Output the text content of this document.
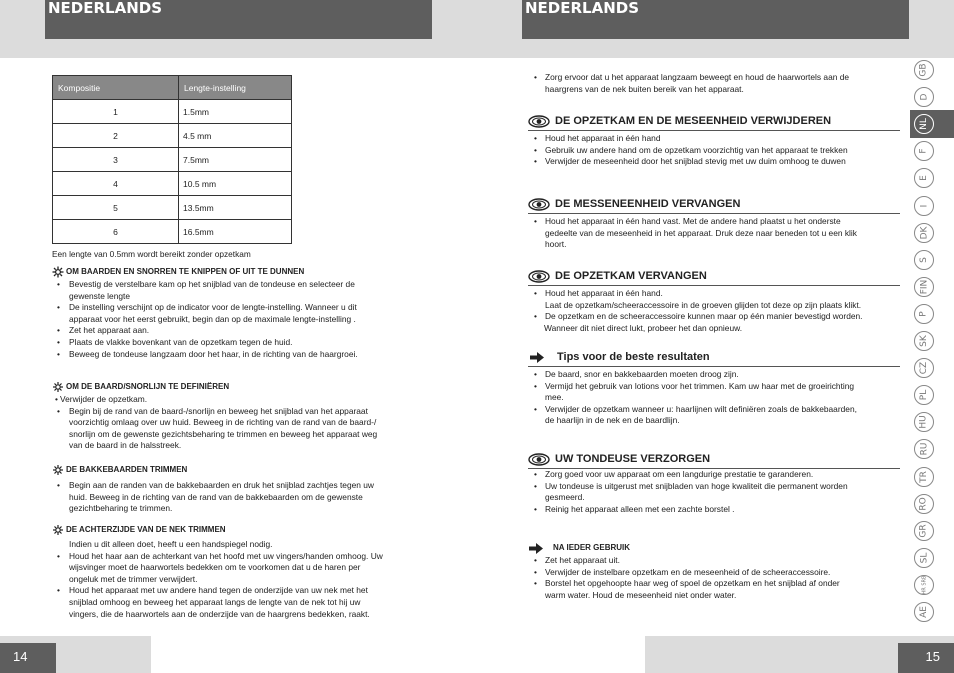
NEDERLANDS	NEDERLANDS
Kompositie	Lengte-instelling
1	1.5mm
2	4.5 mm
3	7.5mm
4	10.5 mm
5	13.5mm
6	16.5mm
Een lengte van 0.5mm wordt bereikt zonder opzetkam
OM BAARDEN EN SNORREN TE KNIPPEN OF UIT TE DUNNEN
• Bevestig de verstelbare kam op het snijblad van de tondeuse en selecteer de
gewenste lengte
• De instelling verschijnt op de indicator voor de lengte-instelling. Wanneer u dit
apparaat voor het eerst gebruikt, begin dan op de maximale lengte-instelling .
• Zet het apparaat aan.
• Plaats de vlakke bovenkant van de opzetkam tegen de huid.
• Beweeg de tondeuse langzaam door het haar, in de richting van de haargroei.
OM DE BAARD/SNORLIJN TE DEFINIËREN
• Verwijder de opzetkam.
• Begin bij de rand van de baard-/snorlijn en beweeg het snijblad van het apparaat
voorzichtig omlaag over uw huid. Beweeg in de richting van de rand van de baard-/
snorlijn om de gewenste gezichtsbeharing te trimmen en beweeg het apparaat weg
van de baard in de halsstreek.
DE BAKKEBAARDEN TRIMMEN
• Begin aan de randen van de bakkebaarden en druk het snijblad zachtjes tegen uw
huid. Beweeg in de richting van de rand van de bakkebaarden om de gewenste
gezichtbeharing te trimmen.
DE ACHTERZIJDE VAN DE NEK TRIMMEN
Indien u dit alleen doet, heeft u een handspiegel nodig.
• Houd het haar aan de achterkant van het hoofd met uw vingers/handen omhoog. Uw
wijsvinger moet de haarwortels bedekken om te voorkomen dat u de haren per
ongeluk met de trimmer verwijdert.
• Houd het apparaat met uw andere hand tegen de onderzijde van uw nek met het
snijblad omhoog en beweeg het apparaat langs de lengte van de nek tot hij uw
vingers, die de haarwortels aan de onderzijde van de haargrens bedekken, raakt.
• Zorg ervoor dat u het apparaat langzaam beweegt en houd de haarwortels aan de
haargrens van de nek buiten bereik van het apparaat.
DE OPZETKAM EN DE MESEENHEID VERWIJDEREN
• Houd het apparaat in één hand
• Gebruik uw andere hand om de opzetkam voorzichtig van het apparaat te trekken
• Verwijder de meseenheid door het snijblad stevig met uw duim omhoog te duwen
DE MESSENEENHEID VERVANGEN
• Houd het apparaat in één hand vast. Met de andere hand plaatst u het onderste
gedeelte van de meseenheid in het apparaat. Druk deze naar beneden tot u een klik
hoort.
DE OPZETKAM VERVANGEN
• Houd het apparaat in één hand.
Laat de opzetkam/scheeraccessoire in de groeven glijden tot deze op zijn plaats klikt.
• De opzetkam en de scheeraccessoire kunnen maar op één manier bevestigd worden.
Wanneer dit niet direct lukt, probeer het dan opnieuw.
Tips voor de beste resultaten
• De baard, snor en bakkebaarden moeten droog zijn.
• Vermijd het gebruik van lotions voor het trimmen. Kam uw haar met de groeirichting
mee.
• Verwijder de opzetkam wanneer u: haarlijnen wilt definiëren zoals de bakkebaarden,
de haarlijn in de nek en de baardlijn.
UW TONDEUSE VERZORGEN
• Zorg goed voor uw apparaat om een langdurige prestatie te garanderen.
• Uw tondeuse is uitgerust met snijbladen van hoge kwaliteit die permanent worden
gesmeerd.
• Reinig het apparaat alleen met een zachte borstel .
NA IEDER GEBRUIK
• Zet het apparaat uit.
• Verwijder de instelbare opzetkam en de meseenheid of de scheeraccessoire.
• Borstel het opgehoopte haar weg of spoel de opzetkam en het snijblad af onder
warm water. Houd de meseenheid niet onder water.
GB
D
NL
F
E
I
DK
S
FIN
P
SK
CZ
PL
HU
RU
TR
RO
GR
SL
HR SRB
AE
14	15
